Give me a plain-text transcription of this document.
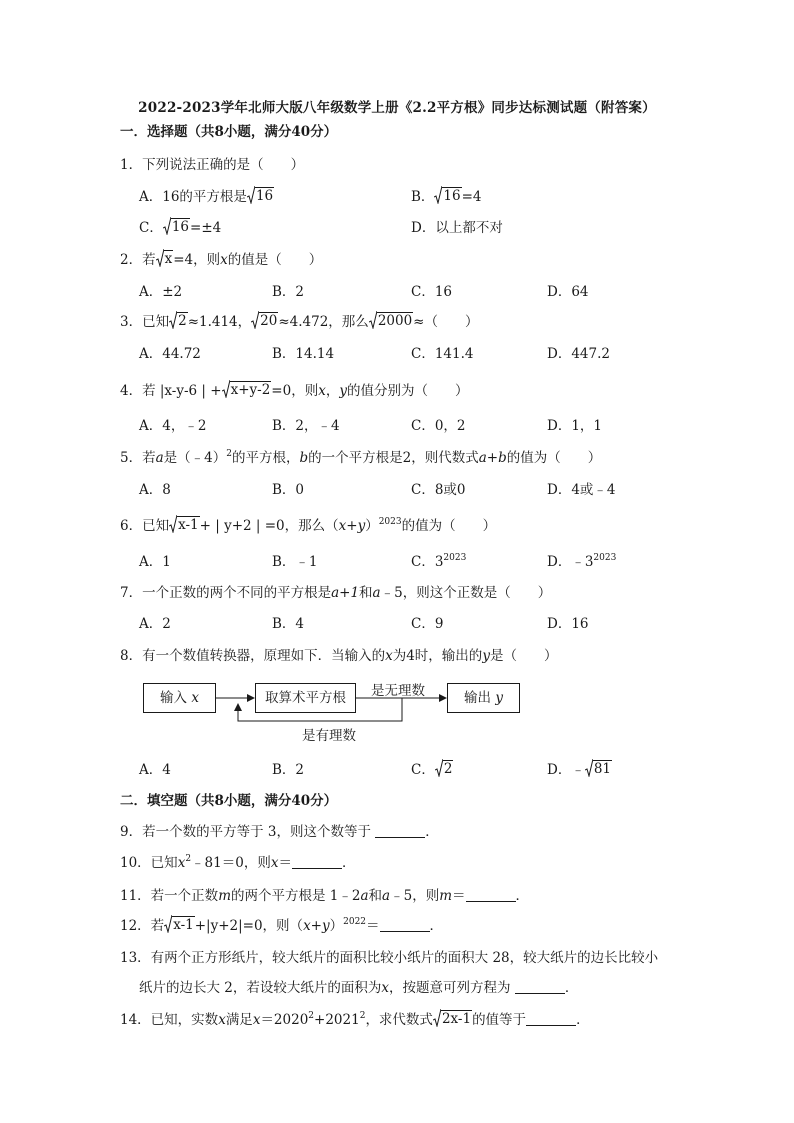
2022-2023学年北师大版八年级数学上册《2.2平方根》同步达标测试题（附答案）
一．选择题（共8小题，满分40分）
1．下列说法正确的是（　　）
A．16的平方根是 16	B． 16 =4
C． 16 =±4	D．以上都不对
2．若 x =4，则x的值是（　　）
A．±2	B．2	C．16	D．64
3．已知 2 ≈1.414， 20 ≈4.472，那么 2000 ≈（　　）
A．44.72	B．14.14	C．141.4	D．447.2
4．若 |x-y-6 | + x+y-2 =0，则x，y的值分别为（　　）
A．4，﹣2	B．2，﹣4	C．0，2	D．1，1
5．若a是（﹣4）$^2$的平方根，b的一个平方根是2，则代数式a+b的值为（　　）
A．8	B．0	C．8或0	D．4或﹣4
6．已知 x-1 + | y+2 | =0，那么$(x+y)^{2023}$的值为（　　）
A．1	B．﹣1	C．$3^{2023}$	D．$﹣3^{2023}$
7．一个正数的两个不同的平方根是a+1和a﹣5，则这个正数是（　　）
A．2	B．4	C．9	D．16
8．有一个数值转换器，原理如下．当输入的x为4时，输出的y是（　　）
输入 x	取算术平方根	输出 y
是无理数
是有理数
A．4	B．2	C． 2	D．﹣ 81
二．填空题（共8小题，满分40分）
9．若一个数的平方等于 3，则这个数等于	．
10．已知$x^2﹣81=0$，则x＝	．
11．若一个正数m的两个平方根是 1﹣2a和a﹣5，则m＝	．
12．若 x-1 +|y+2|=0，则$(x+y)^{2022}=$	．
13．有两个正方形纸片，较大纸片的面积比较小纸片的面积大 28，较大纸片的边长比较小
纸片的边长大 2，若设较大纸片的面积为x，按题意可列方程为	．
14．已知，实数x满足$x=2020^2+2021^2$，求代数式 2x-1 的值等于	．
